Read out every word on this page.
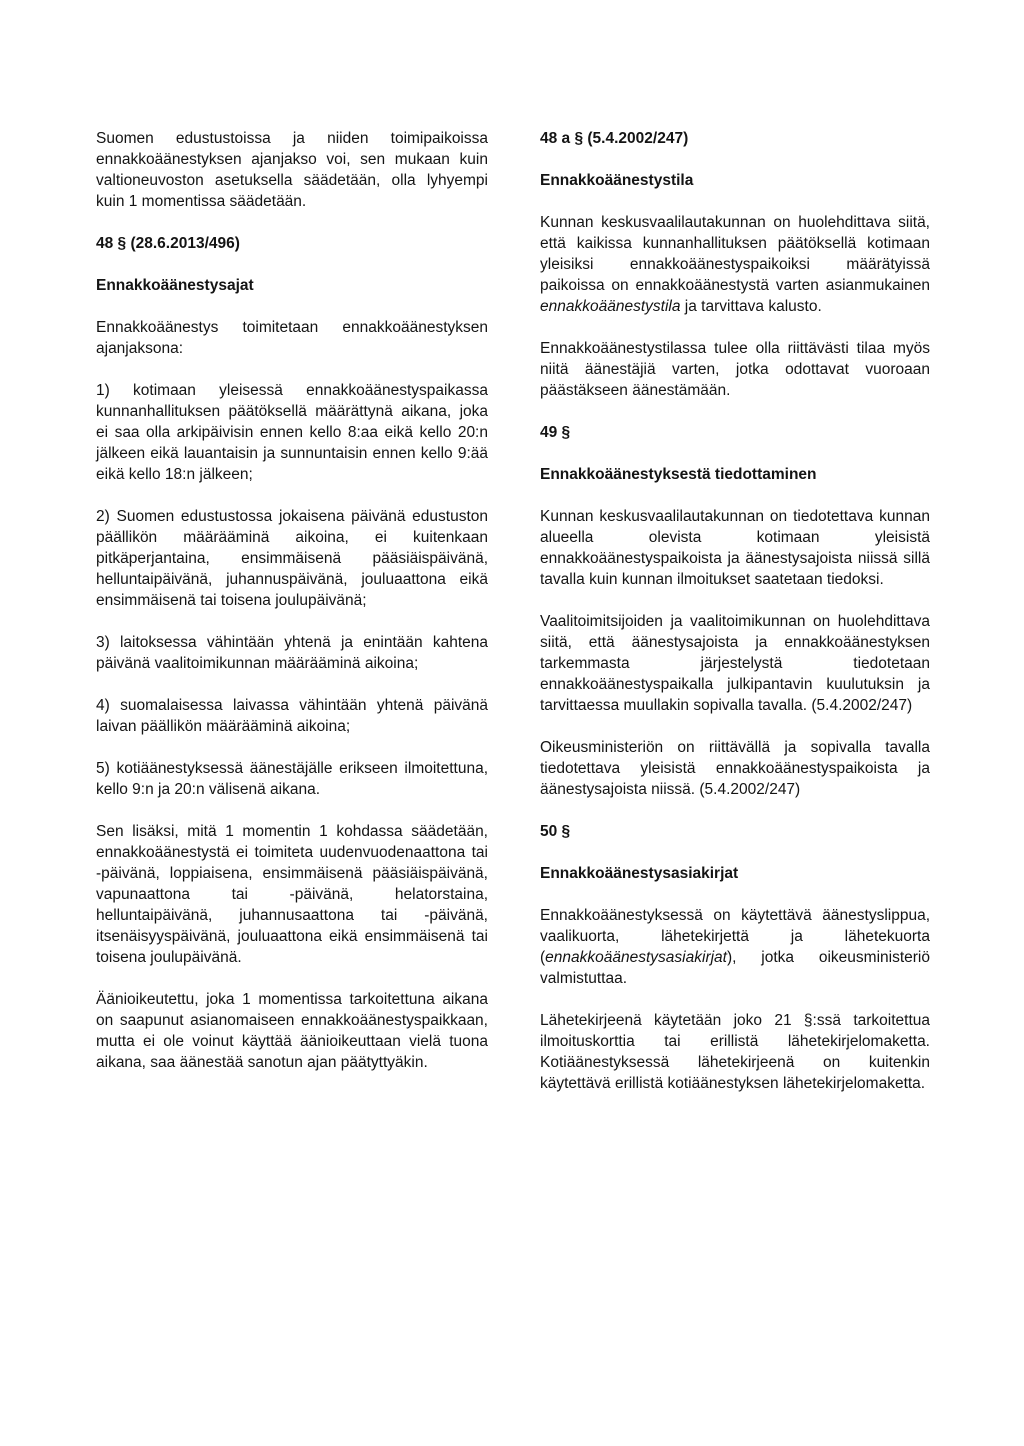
Suomen edustustoissa ja niiden toimipaikoissa ennakkoäänestyksen ajanjakso voi, sen mukaan kuin valtioneuvoston asetuksella säädetään, olla lyhyempi kuin 1 momentissa säädetään.

48 § (28.6.2013/496)
Ennakkoäänestysajat

Ennakkoäänestys toimitetaan ennakkoäänestyksen ajanjaksona:

1) kotimaan yleisessä ennakkoäänestyspaikassa kunnanhallituksen päätöksellä määrättynä aikana, joka ei saa olla arkipäivisin ennen kello 8:aa eikä kello 20:n jälkeen eikä lauantaisin ja sunnuntaisin ennen kello 9:ää eikä kello 18:n jälkeen;

2) Suomen edustustossa jokaisena päivänä edustuston päällikön määrääminä aikoina, ei kuitenkaan pitkäperjantaina, ensimmäisenä pääsiäispäivänä, helluntaipäivänä, juhannuspäivänä, jouluaattona eikä ensimmäisenä tai toisena joulupäivänä;

3) laitoksessa vähintään yhtenä ja enintään kahtena päivänä vaalitoimikunnan määrääminä aikoina;

4) suomalaisessa laivassa vähintään yhtenä päivänä laivan päällikön määrääminä aikoina;

5) kotiäänestyksessä äänestäjälle erikseen ilmoitettuna, kello 9:n ja 20:n välisenä aikana.

Sen lisäksi, mitä 1 momentin 1 kohdassa säädetään, ennakkoäänestystä ei toimiteta uudenvuodenaattona tai -päivänä, loppiaisena, ensimmäisenä pääsiäispäivänä, vapunaattona tai -päivänä, helatorstaina, helluntaipäivänä, juhannusaattona tai -päivänä, itsenäisyyspäivänä, jouluaattona eikä ensimmäisenä tai toisena joulupäivänä.

Äänioikeutettu, joka 1 momentissa tarkoitettuna aikana on saapunut asianomaiseen ennakkoäänestyspaikkaan, mutta ei ole voinut käyttää äänioikeuttaan vielä tuona aikana, saa äänestää sanotun ajan päätyttyäkin.

48 a § (5.4.2002/247)
Ennakkoäänestystila

Kunnan keskusvaalilautakunnan on huolehdittava siitä, että kaikissa kunnanhallituksen päätöksellä kotimaan yleisiksi ennakkoäänestyspaikoiksi määrätyissä paikoissa on ennakkoäänestystä varten asianmukainen ennakkoäänestystila ja tarvittava kalusto.

Ennakkoäänestystilassa tulee olla riittävästi tilaa myös niitä äänestäjiä varten, jotka odottavat vuoroaan päästäkseen äänestämään.

49 §
Ennakkoäänestyksestä tiedottaminen

Kunnan keskusvaalilautakunnan on tiedotettava kunnan alueella olevista kotimaan yleisistä ennakkoäänestyspaikoista ja äänestysajoista niissä sillä tavalla kuin kunnan ilmoitukset saatetaan tiedoksi.

Vaalitoimitsijoiden ja vaalitoimikunnan on huolehdittava siitä, että äänestysajoista ja ennakkoäänestyksen tarkemmasta järjestelystä tiedotetaan ennakkoäänestyspaikalla julkipantavin kuulutuksin ja tarvittaessa muullakin sopivalla tavalla. (5.4.2002/247)

Oikeusministeriön on riittävällä ja sopivalla tavalla tiedotettava yleisistä ennakkoäänestyspaikoista ja äänestysajoista niissä. (5.4.2002/247)

50 §
Ennakkoäänestysasiakirjat

Ennakkoäänestyksessä on käytettävä äänestyslippua, vaalikuorta, lähetekirjettä ja lähetekuorta (ennakkoäänestysasiakirjat), jotka oikeusministeriö valmistuttaa.

Lähetekirjeenä käytetään joko 21 §:ssä tarkoitettua ilmoituskorttia tai erillistä lähetekirjelomaketta. Kotiäänestyksessä lähetekirjeenä on kuitenkin käytettävä erillistä kotiäänestyksen lähetekirjelomaketta.
